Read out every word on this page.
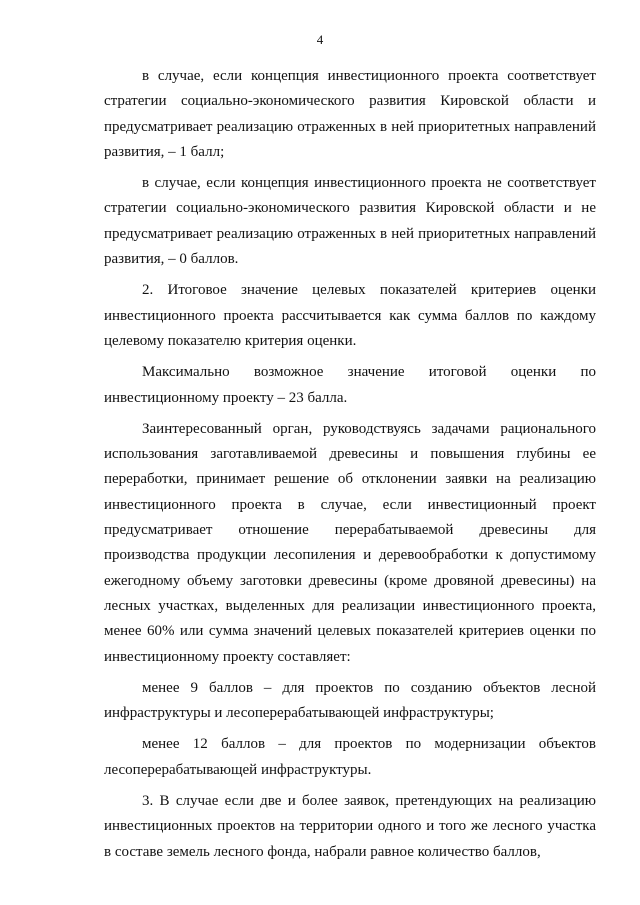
4

в случае, если концепция инвестиционного проекта соответствует стратегии социально-экономического развития Кировской области и предусматривает реализацию отраженных в ней приоритетных направлений развития, – 1 балл;

в случае, если концепция инвестиционного проекта не соответствует стратегии социально-экономического развития Кировской области и не предусматривает реализацию отраженных в ней приоритетных направлений развития, – 0 баллов.

2. Итоговое значение целевых показателей критериев оценки инвестиционного проекта рассчитывается как сумма баллов по каждому целевому показателю критерия оценки.

Максимально возможное значение итоговой оценки по инвестиционному проекту – 23 балла.

Заинтересованный орган, руководствуясь задачами рационального использования заготавливаемой древесины и повышения глубины ее переработки, принимает решение об отклонении заявки на реализацию инвестиционного проекта в случае, если инвестиционный проект предусматривает отношение перерабатываемой древесины для производства продукции лесопиления и деревообработки к допустимому ежегодному объему заготовки древесины (кроме дровяной древесины) на лесных участках, выделенных для реализации инвестиционного проекта, менее 60% или сумма значений целевых показателей критериев оценки по инвестиционному проекту составляет:

менее 9 баллов – для проектов по созданию объектов лесной инфраструктуры и лесоперерабатывающей инфраструктуры;

менее 12 баллов – для проектов по модернизации объектов лесоперерабатывающей инфраструктуры.

3. В случае если две и более заявок, претендующих на реализацию инвестиционных проектов на территории одного и того же лесного участка в составе земель лесного фонда, набрали равное количество баллов,
